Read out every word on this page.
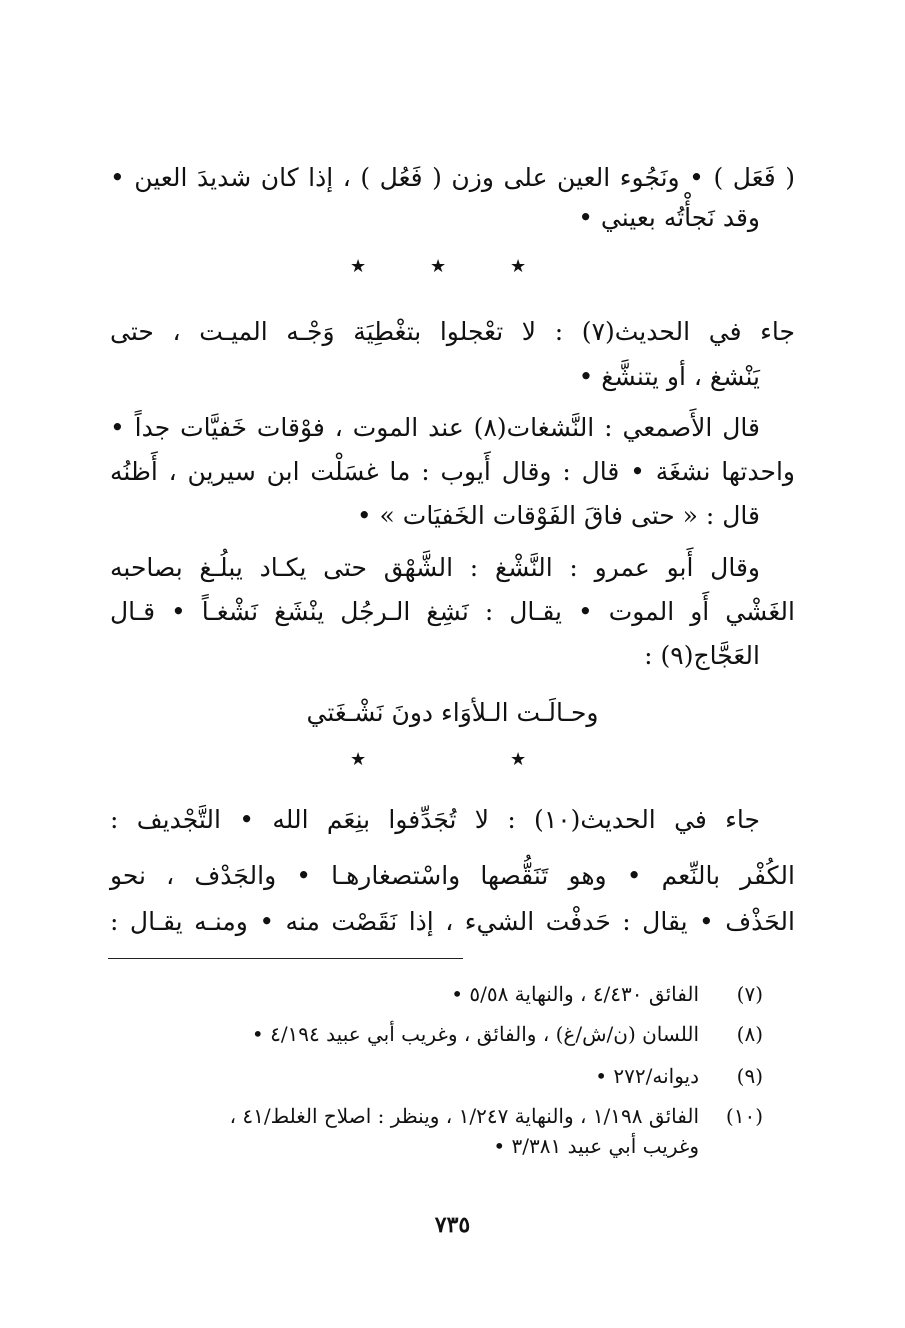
( فَعَل ) • ونَجُوء العين على وزن ( فَعُل ) ، إذا كان شديدَ العين •
وقد نَجأْتُه بعيني •
★	★	★
جاء في الحديث(٧) : لا تعْجلوا بتغْطِيَة وَجْـه الميـت ، حتى
يَنْشغ ، أو يتنشَّغ •
قال الأَصمعي : النَّشغات(٨) عند الموت ، فوْقات خَفيَّات جداً •
واحدتها نشغَة • قال : وقال أَيوب : ما غسَلْت ابن سيرين ، أَظنُه
قال : « حتى فاقَ الفَوْقات الخَفيَات » •
وقال أَبو عمرو : النَّشْغ : الشَّهْق حتى يكـاد يبلُـغ بصاحبه
الغَشْي أَو الموت • يقـال : نَشِغ الـرجُل ينْشَغ نَشْغـاً • قـال
العَجَّاج(٩) :
وحـالَـت الـلأوَاء دونَ نَشْـغَتي
★	★
جاء في الحديث(١٠) : لا تُجَدِّفوا بنِعَم الله • التَّجْديف :
الكُفْر بالنِّعم • وهو تَنَقُّصها واسْتصغارهـا • والجَدْف ، نحو
الحَذْف • يقال : حَدفْت الشيء ، إذا نَقَصْت منه • ومنـه يقـال :
(٧)
الفائق ٤/٤٣٠ ، والنهاية ٥/٥٨ •
(٨)
اللسان (ن/ش/غ) ، والفائق ، وغريب أبي عبيد ٤/١٩٤ •
(٩)
ديوانه/٢٧٢ •
(١٠)
الفائق ١/١٩٨ ، والنهاية ١/٢٤٧ ، وينظر : اصلاح الغلط/٤١ ،
وغريب أبي عبيد ٣/٣٨١ •
٧٣٥
